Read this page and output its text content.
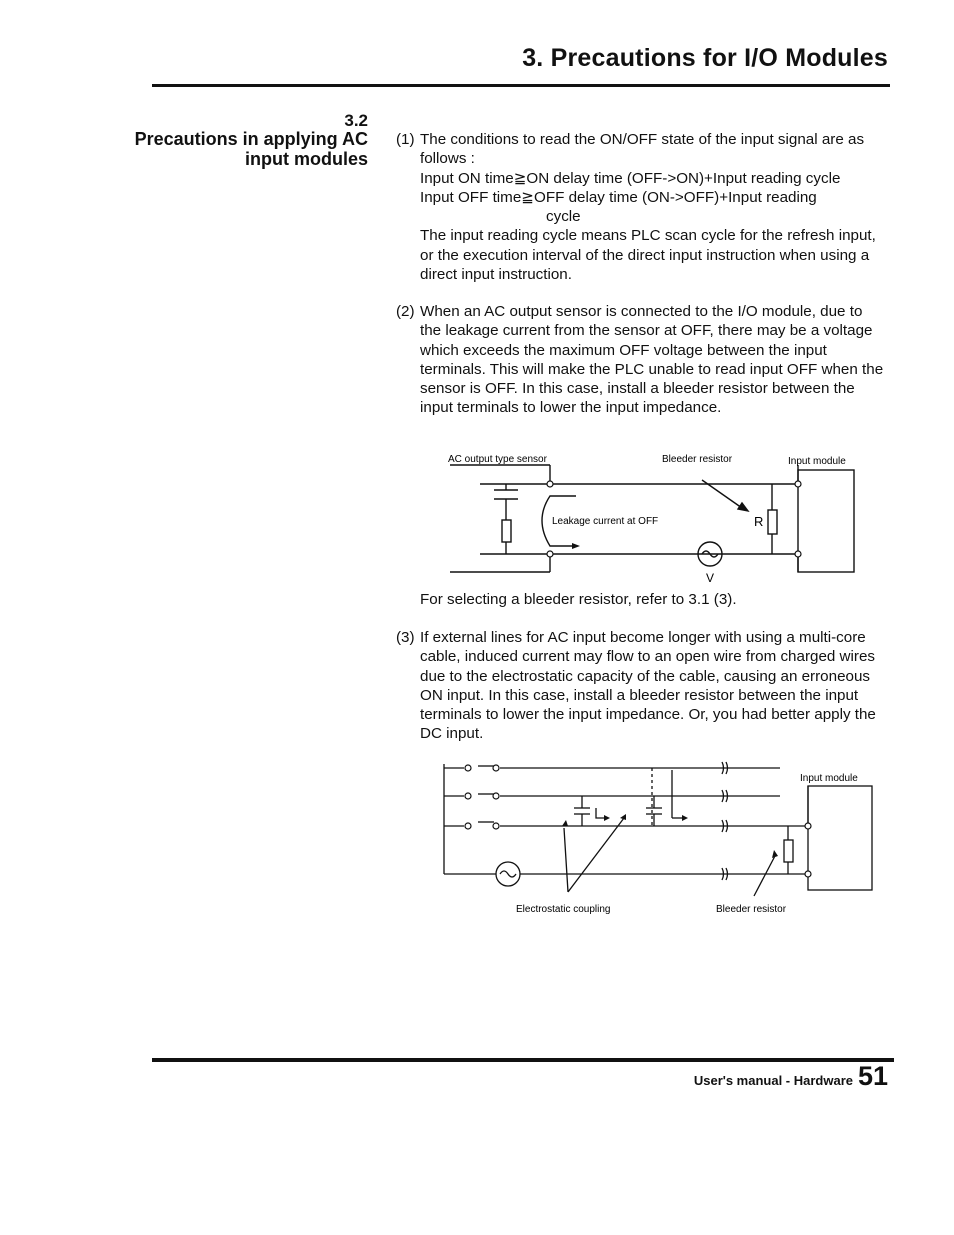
3. Precautions for I/O Modules
3.2
Precautions in applying AC input modules
(1) The conditions to read the ON/OFF state of the input signal are as follows :

Input ON time≧ON delay time (OFF->ON)+Input reading cycle

Input OFF time≧OFF delay time (ON->OFF)+Input reading

cycle

The input reading cycle means PLC scan cycle for the refresh input, or the execution interval of the direct input instruction when using a direct input instruction.

(2) When an AC output sensor is connected to the I/O module, due to the leakage current from the sensor at OFF, there may be a voltage which exceeds the maximum OFF voltage between the input terminals. This will make the PLC unable to read input OFF when the sensor is OFF. In this case, install a bleeder resistor between the input terminals to lower the input impedance.

AC output type sensor	Bleeder resistor	Input module
Leakage current at OFF	R
V
For selecting a bleeder resistor, refer to 3.1 (3).
(3) If external lines for AC input become longer with using a multi-core cable, induced current may flow to an open wire from charged wires due to the electrostatic capacity of the cable, causing an erroneous ON input. In this case, install a bleeder resistor between the input terminals to lower the input impedance. Or, you had better apply the DC input.

Input module
Electrostatic coupling	Bleeder resistor
User's manual - Hardware 51
